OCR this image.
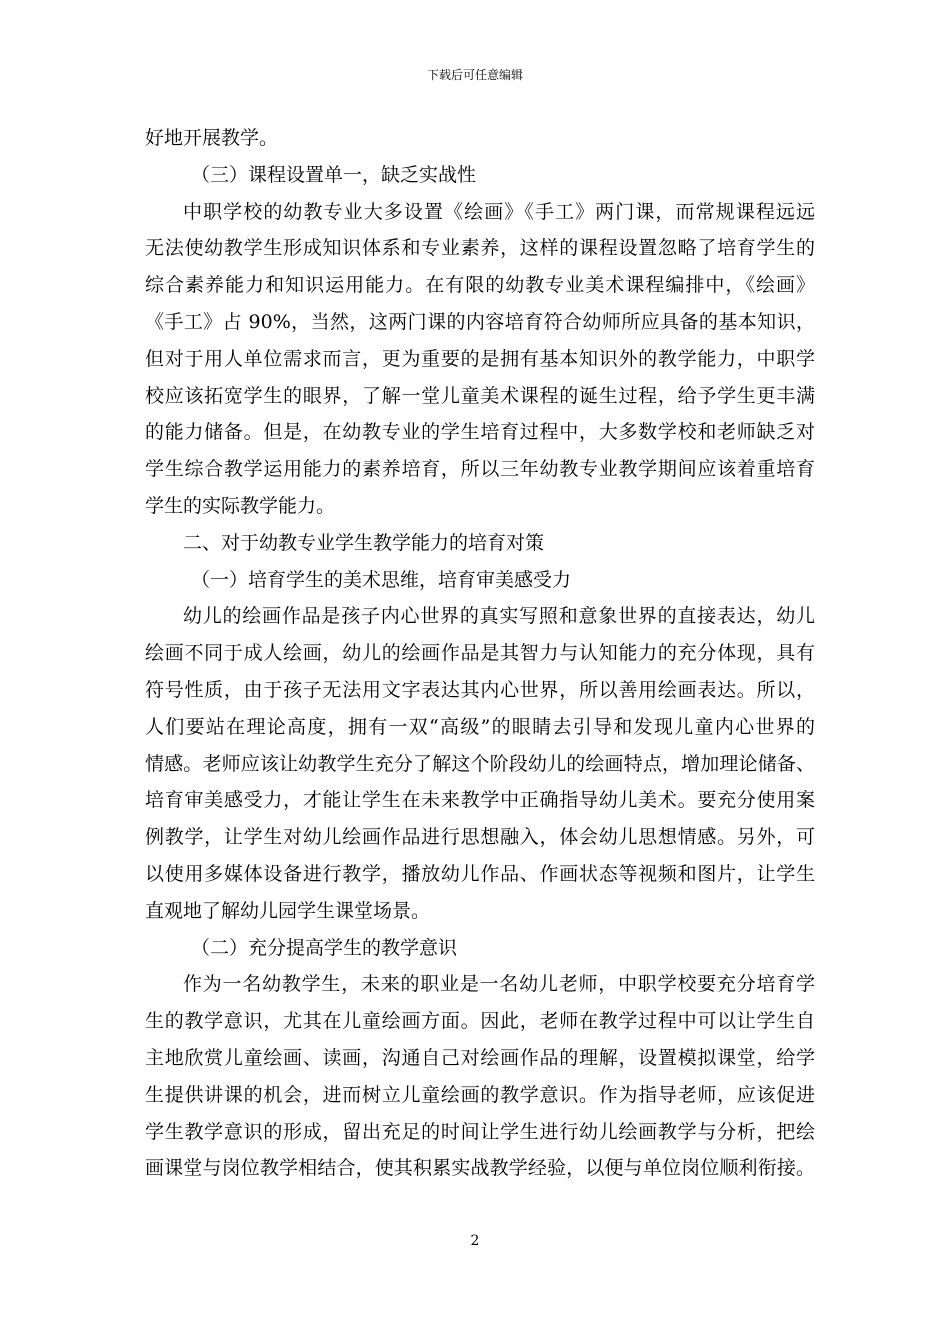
下载后可任意编辑
好地开展教学。
（三）课程设置单一，缺乏实战性
中职学校的幼教专业大多设置《绘画》《手工》两门课，而常规课程远远
无法使幼教学生形成知识体系和专业素养，这样的课程设置忽略了培育学生的
综合素养能力和知识运用能力。在有限的幼教专业美术课程编排中，《绘画》
《手工》占 90%，当然，这两门课的内容培育符合幼师所应具备的基本知识，
但对于用人单位需求而言，更为重要的是拥有基本知识外的教学能力，中职学
校应该拓宽学生的眼界，了解一堂儿童美术课程的诞生过程，给予学生更丰满
的能力储备。但是，在幼教专业的学生培育过程中，大多数学校和老师缺乏对
学生综合教学运用能力的素养培育，所以三年幼教专业教学期间应该着重培育
学生的实际教学能力。
二、对于幼教专业学生教学能力的培育对策
（一）培育学生的美术思维，培育审美感受力
幼儿的绘画作品是孩子内心世界的真实写照和意象世界的直接表达，幼儿
绘画不同于成人绘画，幼儿的绘画作品是其智力与认知能力的充分体现，具有
符号性质，由于孩子无法用文字表达其内心世界，所以善用绘画表达。所以，
人们要站在理论高度，拥有一双“高级”的眼睛去引导和发现儿童内心世界的
情感。老师应该让幼教学生充分了解这个阶段幼儿的绘画特点，增加理论储备、
培育审美感受力，才能让学生在未来教学中正确指导幼儿美术。要充分使用案
例教学，让学生对幼儿绘画作品进行思想融入，体会幼儿思想情感。另外，可
以使用多媒体设备进行教学，播放幼儿作品、作画状态等视频和图片，让学生
直观地了解幼儿园学生课堂场景。
（二）充分提高学生的教学意识
作为一名幼教学生，未来的职业是一名幼儿老师，中职学校要充分培育学
生的教学意识，尤其在儿童绘画方面。因此，老师在教学过程中可以让学生自
主地欣赏儿童绘画、读画，沟通自己对绘画作品的理解，设置模拟课堂，给学
生提供讲课的机会，进而树立儿童绘画的教学意识。作为指导老师，应该促进
学生教学意识的形成，留出充足的时间让学生进行幼儿绘画教学与分析，把绘
画课堂与岗位教学相结合，使其积累实战教学经验，以便与单位岗位顺利衔接。
2
